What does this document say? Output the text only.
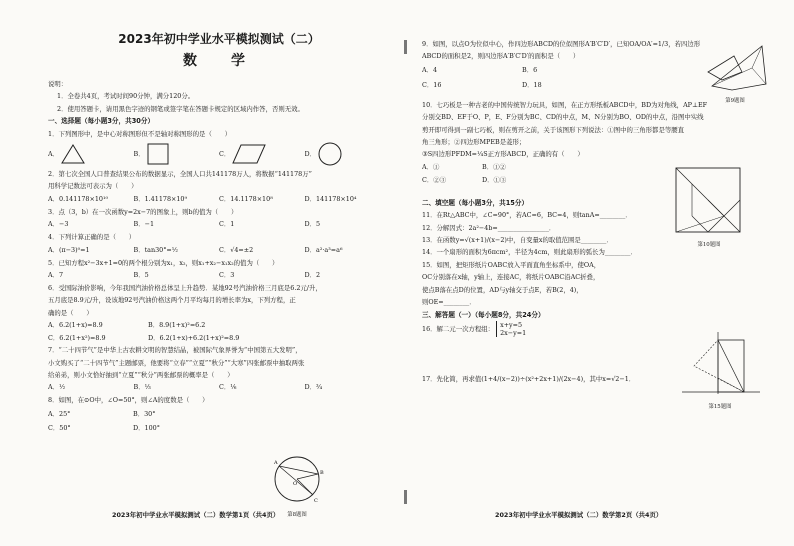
2023年初中学业水平模拟测试（二）
数　学
说明：
1．全卷共4页，考试时间90分钟，满分120分。
2．使用答题卡，请用黑色字迹的钢笔或签字笔在答题卡规定的区域内作答，否则无效。
一、选择题（每小题3分，共30分）
1．下列图形中，是中心对称图形但不是轴对称图形的是（　　）
A．	B．	C．	D．
2．第七次全国人口普查结果公布的数据显示，全国人口共141178万人，将数据“141178万”
用科学记数法可表示为（　　）
A．0.141178×10¹⁰	B．1.41178×10⁹	C．14.1178×10⁸	D．141178×10⁴
3．点（3，b）在一次函数y=2x−7的图象上，则b的值为（　　）
A．−3	B．−1	C．1	D．5
4．下列计算正确的是（　　）
A．(π−3)⁰=1	B．tan30°=½	C．√4=±2	D．a²·a³=a⁶
5．已知方程x²−3x+1=0的两个根分别为x₁，x₂，则x₁+x₂−x₁x₂的值为（　　）
A．7	B．5	C．3	D．2
6．受国际油价影响，今年我国汽油价格总体呈上升趋势．某地92号汽油价格三月底是6.2元/升，
五月底是8.9元/升，设该地92号汽油价格这两个月平均每月的增长率为x，下列方程，正
确的是（　　）
A．6.2(1+x)=8.9	B．8.9(1+x)²=6.2
C．6.2(1+x²)=8.9	D．6.2(1+x)+6.2(1+x)²=8.9
7．“二十四节气”是中华上古农耕文明的智慧结晶，被国际气象界誉为“中国第五大发明”，
小文购买了“二十四节气”主题邮票，他要将“立春”“立夏”“秋分”“大寒”四张邮票中抽取两张
给弟弟，则小文恰好抽到“立夏”“秋分”两张邮票的概率是（　　）
A．½	B．⅓	C．⅙	D．¾
8．如图，在⊙O中，∠O=50°，则∠A的度数是（　　）
A．25°	B．30°
C．50°	D．100°
A
B
C
O
第8题图
2023年初中学业水平模拟测试（二）数学第1页（共4页）
9．如图，以点O为位似中心，作四边形ABCD的位似图形A′B′C′D′，已知OA/OA′=1/3，若四边形
ABCD的面积是2，则四边形A′B′C′D′的面积是（　　）
A．4	B．6
C．16	D．18
10．七巧板是一种古老的中国传统智力玩具，如图，在正方形纸板ABCD中，BD为对角线，AP⊥EF
分别交BD、EF于O、P，E、F分别为BC、CD的中点，M、N分别为BO、OD的中点，沿图中实线
剪开即可得到一副七巧板，则在剪开之前，关于该图形下列说法：①图中的三角形都是等腰直
角三角形；②四边形MPEB是菱形；
③S四边形PFDM=¼S正方形ABCD，正确的有（　　）
A．①	B．①②
C．②③	D．①③
二、填空题（每小题3分，共15分）
11．在Rt△ABC中，∠C=90°，若AC=6，BC=4，则tanA=________．
12．分解因式：2a²−4b=________________．
13．在函数y=√(x+1)/(x−2)中，自变量x的取值范围是________．
14．一个扇形的面积为6πcm²，半径为4cm，则此扇形的弧长为________．
15．如图，把矩形纸片OABC放入平面直角坐标系中，使OA，
OC分别落在x轴，y轴上，连接AC，将纸片OABC沿AC折叠，
使点B落在点D的位置，AD与y轴交于点E，若B(2，4)，
则OE=________．
三、解答题（一）（每小题8分，共24分）
16．解二元一次方程组： x+y=5
2x−y=1
17．先化简，再求值(1+4/(x−2))÷(x²+2x+1)/(2x−4)，其中x=√2−1．
第9题图
第10题图
第15题图
2023年初中学业水平模拟测试（二）数学第2页（共4页）
